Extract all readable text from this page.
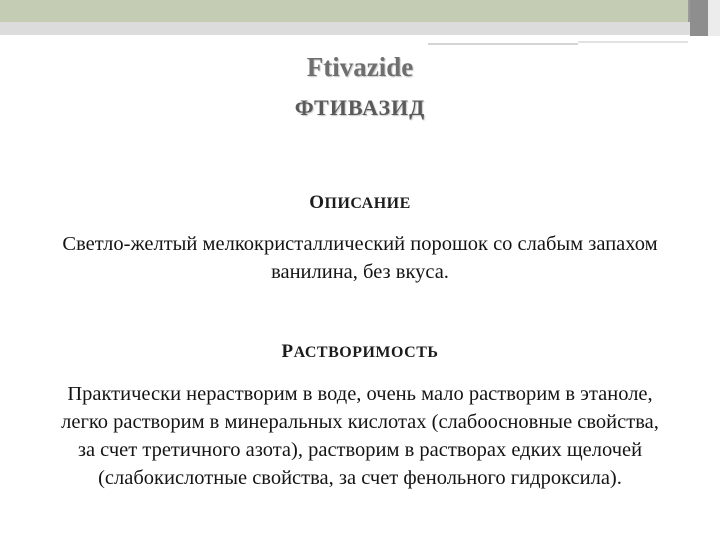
Ftivazide
ФТИВАЗИД
ОПИСАНИЕ
Светло-желтый мелкокристаллический порошок со слабым запахом
ванилина, без вкуса.
РАСТВОРИМОСТЬ
Практически нерастворим в воде, очень мало растворим в этаноле,
легко растворим в минеральных кислотах (слабоосновные свойства,
за счет третичного азота), растворим в растворах едких щелочей
(слабокислотные свойства, за счет фенольного гидроксила).
